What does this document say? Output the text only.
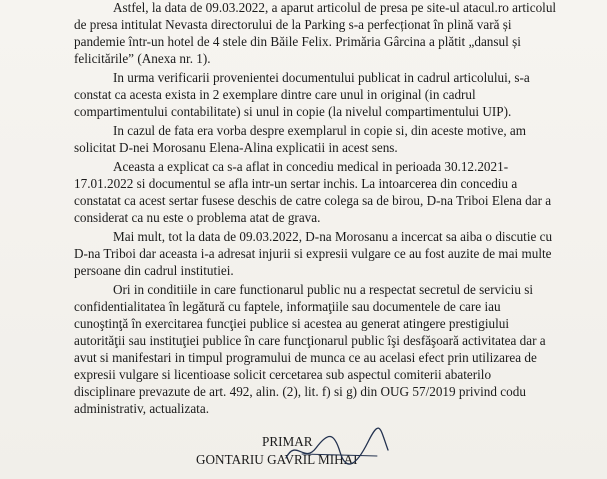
Astfel, la data de 09.03.2022, a aparut articolul de presa pe site-ul atacul.ro articolul
de presa intitulat Nevasta directorului de la Parking s-a perfecționat în plină vară și
pandemie într-un hotel de 4 stele din Băile Felix. Primăria Gârcina a plătit „dansul și
felicitările” (Anexa nr. 1).
In urma verificarii provenientei documentului publicat in cadrul articolului, s-a
constat ca acesta exista in 2 exemplare dintre care unul in original (in cadrul
compartimentului contabilitate) si unul in copie (la nivelul compartimentului UIP).
In cazul de fata era vorba despre exemplarul in copie si, din aceste motive, am
solicitat D-nei Morosanu Elena-Alina explicatii in acest sens.
Aceasta a explicat ca s-a aflat in concediu medical in perioada 30.12.2021-
17.01.2022 si documentul se afla intr-un sertar inchis. La intoarcerea din concediu a
constatat ca acest sertar fusese deschis de catre colega sa de birou, D-na Triboi Elena dar a
considerat ca nu este o problema atat de grava.
Mai mult, tot la data de 09.03.2022, D-na Morosanu a incercat sa aiba o discutie cu
D-na Triboi dar aceasta i-a adresat injurii si expresii vulgare ce au fost auzite de mai multe
persoane din cadrul institutiei.
Ori in conditiile in care functionarul public nu a respectat secretul de serviciu si
confidentialitatea în legătură cu faptele, informaţiile sau documentele de care iau
cunoştinţă în exercitarea funcţiei publice si acestea au generat atingere prestigiului
autorităţii sau instituţiei publice în care funcţionarul public îşi desfăşoară activitatea dar a
avut si manifestari in timpul programului de munca ce au acelasi efect prin utilizarea de
expresii vulgare si licentioase solicit cercetarea sub aspectul comiterii abaterilo
disciplinare prevazute de art. 492, alin. (2), lit. f) si g) din OUG 57/2019 privind codu
administrativ, actualizata.
PRIMAR
GONTARIU GAVRIL MIHAI
